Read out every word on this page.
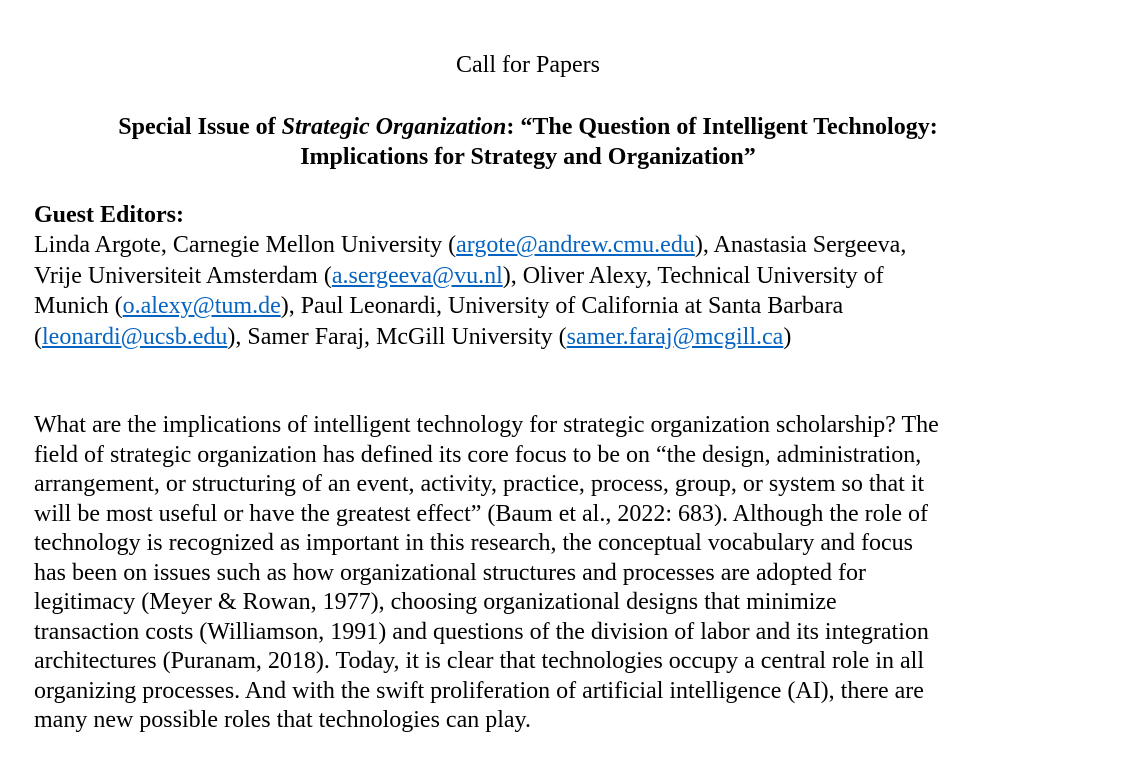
Call for Papers
Special Issue of Strategic Organization: “The Question of Intelligent Technology:
Implications for Strategy and Organization”
Guest Editors:
Linda Argote, Carnegie Mellon University (argote@andrew.cmu.edu), Anastasia Sergeeva,
Vrije Universiteit Amsterdam (a.sergeeva@vu.nl), Oliver Alexy, Technical University of
Munich (o.alexy@tum.de), Paul Leonardi, University of California at Santa Barbara
(leonardi@ucsb.edu), Samer Faraj, McGill University (samer.faraj@mcgill.ca)
What are the implications of intelligent technology for strategic organization scholarship? The
field of strategic organization has defined its core focus to be on “the design, administration,
arrangement, or structuring of an event, activity, practice, process, group, or system so that it
will be most useful or have the greatest effect” (Baum et al., 2022: 683). Although the role of
technology is recognized as important in this research, the conceptual vocabulary and focus
has been on issues such as how organizational structures and processes are adopted for
legitimacy (Meyer & Rowan, 1977), choosing organizational designs that minimize
transaction costs (Williamson, 1991) and questions of the division of labor and its integration
architectures (Puranam, 2018). Today, it is clear that technologies occupy a central role in all
organizing processes. And with the swift proliferation of artificial intelligence (AI), there are
many new possible roles that technologies can play.
